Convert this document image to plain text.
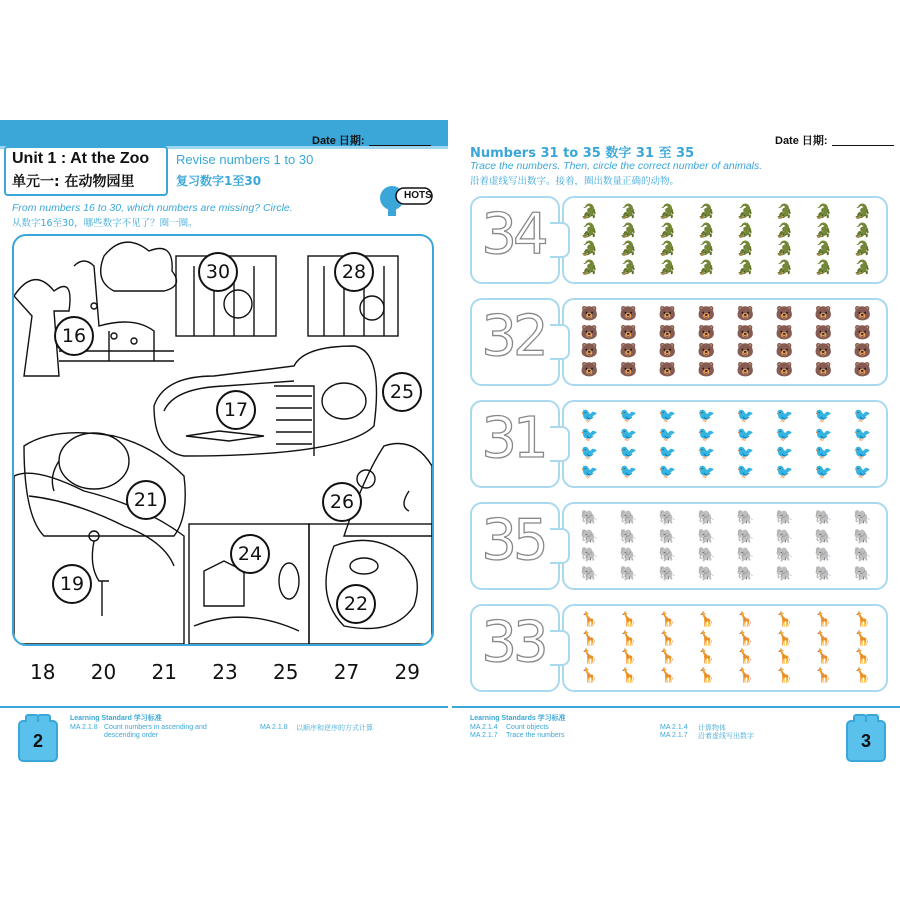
Date 日期:
Unit 1 : At the Zoo
单元一: 在动物园里
Revise numbers 1 to 30
复习数字1至30
HOTS
From numbers 16 to 30, which numbers are missing? Circle.
从数字16至30，哪些数字不见了？圈一圈。
16
30	28
17
25
21	26
24
19
22
18 20 21 23 25 27 29
2
Learning Standard 学习标准
MA 2.1.8 Count numbers in ascending and descending order
MA 2.1.8 以顺序和逆序的方式计算
Date 日期:
Numbers 31 to 35 数字 31 至 35
Trace the numbers. Then, circle the correct number of animals.
沿着虚线写出数字。接着，圈出数量正确的动物。
34	🐊 🐊 🐊 🐊 🐊 🐊 🐊 🐊
🐊 🐊 🐊 🐊 🐊 🐊 🐊 🐊
🐊 🐊 🐊 🐊 🐊 🐊 🐊 🐊
🐊 🐊 🐊 🐊 🐊 🐊 🐊 🐊
32	🐻 🐻 🐻 🐻 🐻 🐻 🐻 🐻
🐻 🐻 🐻 🐻 🐻 🐻 🐻 🐻
🐻 🐻 🐻 🐻 🐻 🐻 🐻 🐻
🐻 🐻 🐻 🐻 🐻 🐻 🐻 🐻
31	🐦 🐦 🐦 🐦 🐦 🐦 🐦 🐦
🐦 🐦 🐦 🐦 🐦 🐦 🐦 🐦
🐦 🐦 🐦 🐦 🐦 🐦 🐦 🐦
🐦 🐦 🐦 🐦 🐦 🐦 🐦 🐦
35	🐘 🐘 🐘 🐘 🐘 🐘 🐘 🐘
🐘 🐘 🐘 🐘 🐘 🐘 🐘 🐘
🐘 🐘 🐘 🐘 🐘 🐘 🐘 🐘
🐘 🐘 🐘 🐘 🐘 🐘 🐘 🐘
33	🦒 🦒 🦒 🦒 🦒 🦒 🦒 🦒
🦒 🦒 🦒 🦒 🦒 🦒 🦒 🦒
🦒 🦒 🦒 🦒 🦒 🦒 🦒 🦒
🦒 🦒 🦒 🦒 🦒 🦒 🦒 🦒
Learning Standards 学习标准
MA 2.1.4 Count objects
MA 2.1.7 Trace the numbers
MA 2.1.4 计算物体
MA 2.1.7 沿着虚线写出数字	3
